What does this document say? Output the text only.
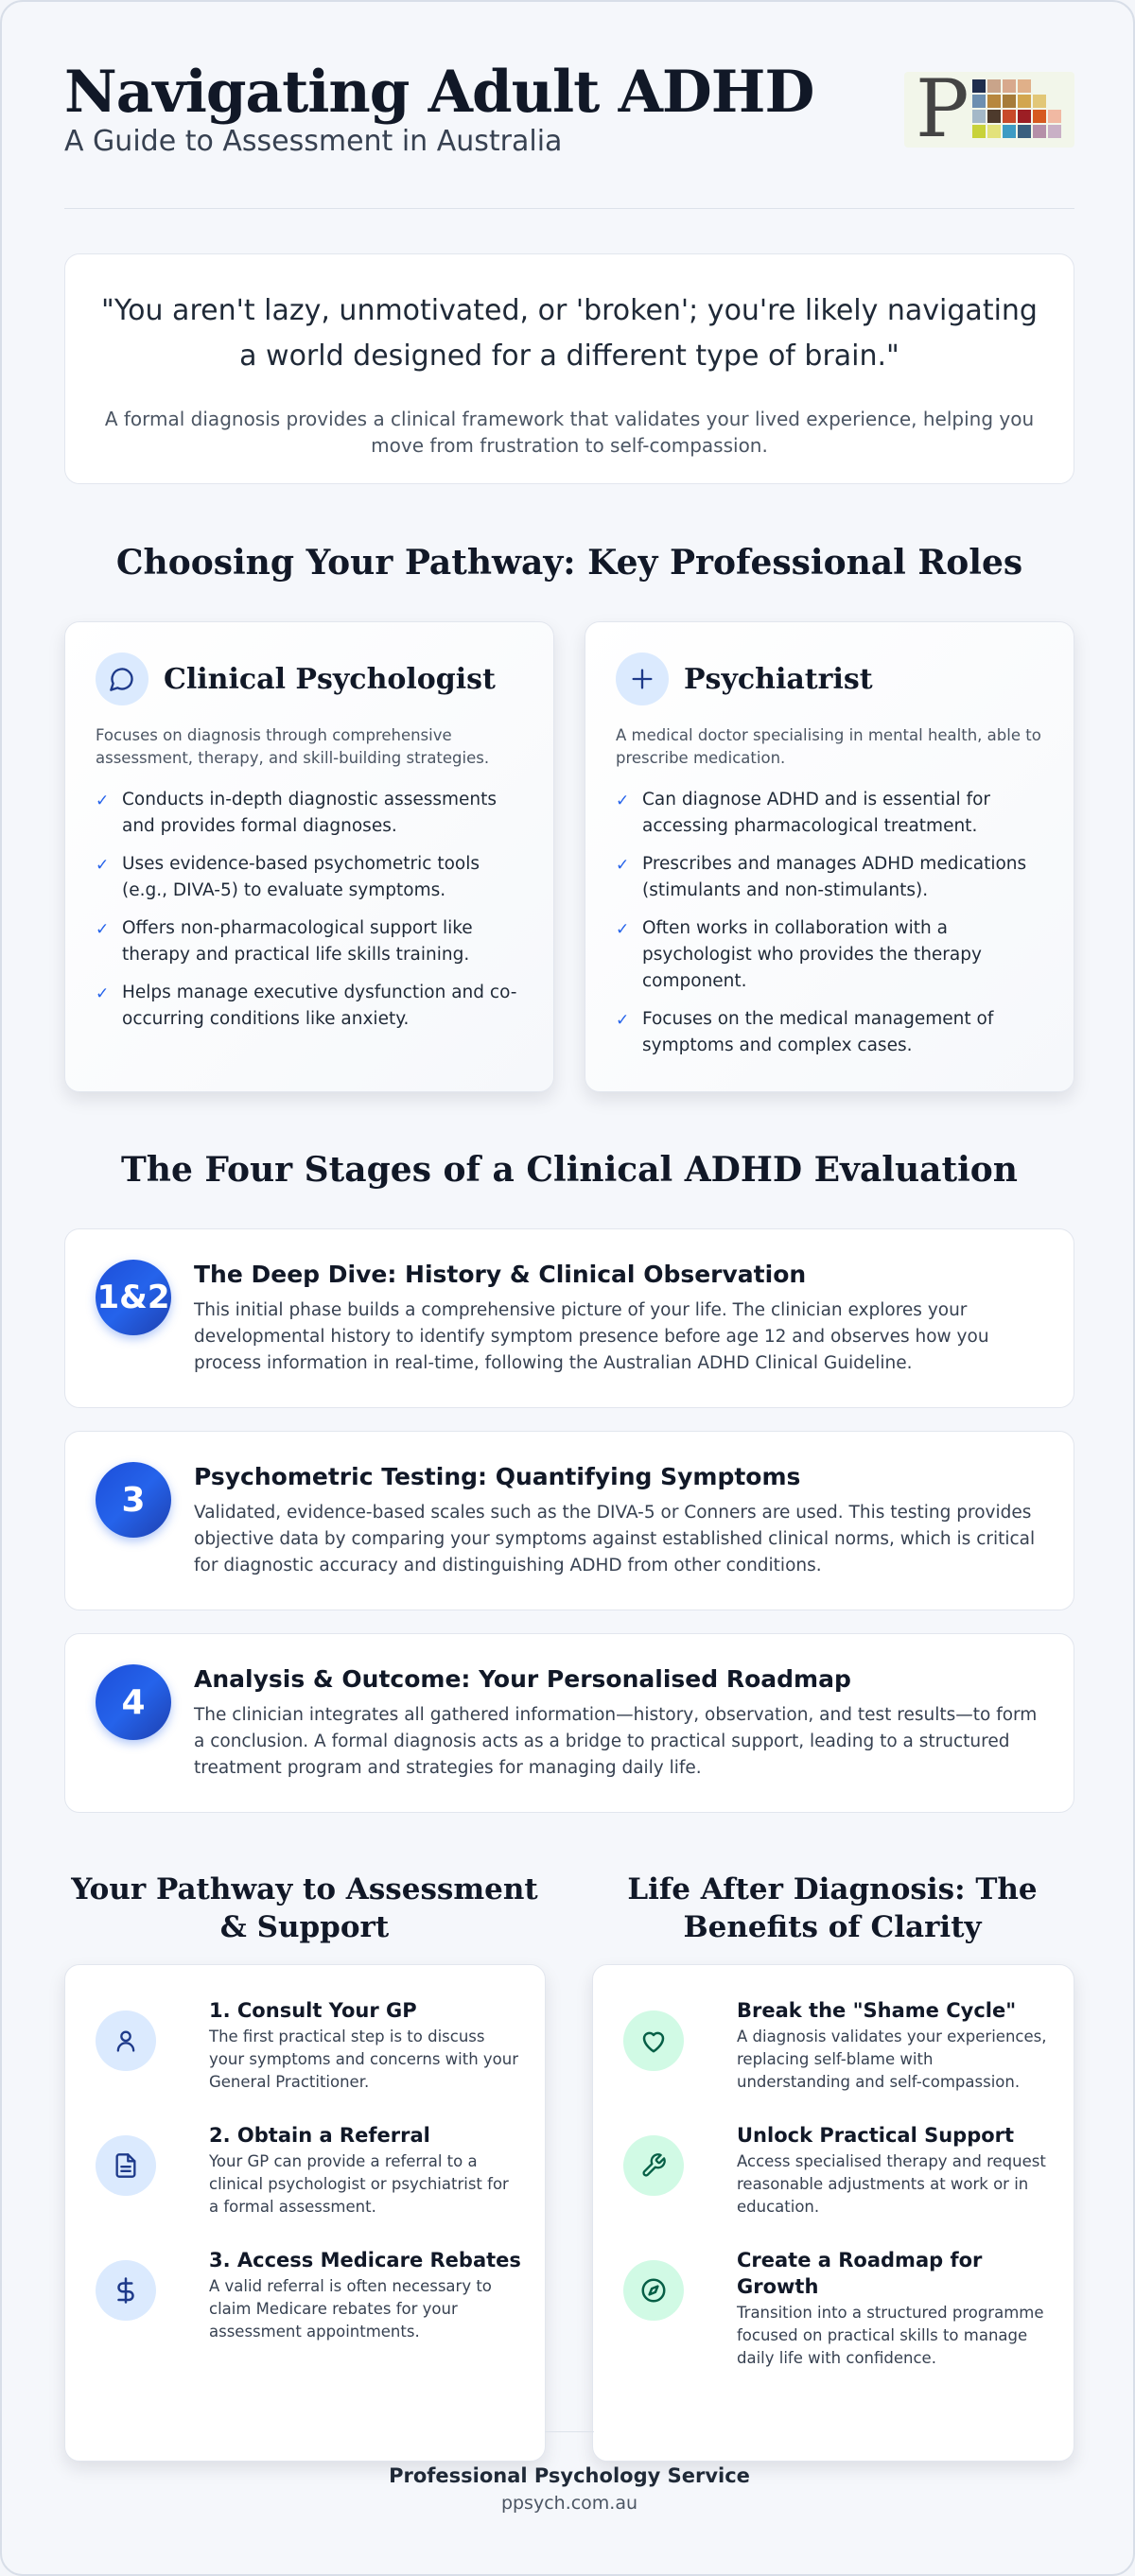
Navigating Adult ADHD
A Guide to Assessment in Australia	P
"You aren't lazy, unmotivated, or 'broken'; you're likely navigating a world designed for a different type of brain."
A formal diagnosis provides a clinical framework that validates your lived experience, helping you move from frustration to self-compassion.
Choosing Your Pathway: Key Professional Roles
Clinical Psychologist
Focuses on diagnosis through comprehensive assessment, therapy, and skill-building strategies.
✓ Conducts in-depth diagnostic assessments and provides formal diagnoses.
✓ Uses evidence-based psychometric tools (e.g., DIVA-5) to evaluate symptoms.
✓ Offers non-pharmacological support like therapy and practical life skills training.
✓ Helps manage executive dysfunction and co-occurring conditions like anxiety.
Psychiatrist
A medical doctor specialising in mental health, able to prescribe medication.
✓ Can diagnose ADHD and is essential for accessing pharmacological treatment.
✓ Prescribes and manages ADHD medications (stimulants and non-stimulants).
✓ Often works in collaboration with a psychologist who provides the therapy component.
✓ Focuses on the medical management of symptoms and complex cases.
The Four Stages of a Clinical ADHD Evaluation
1&2
The Deep Dive: History & Clinical Observation
This initial phase builds a comprehensive picture of your life. The clinician explores your developmental history to identify symptom presence before age 12 and observes how you process information in real-time, following the Australian ADHD Clinical Guideline.
3
Psychometric Testing: Quantifying Symptoms
Validated, evidence-based scales such as the DIVA-5 or Conners are used. This testing provides objective data by comparing your symptoms against established clinical norms, which is critical for diagnostic accuracy and distinguishing ADHD from other conditions.
4
Analysis & Outcome: Your Personalised Roadmap
The clinician integrates all gathered information—history, observation, and test results—to form a conclusion. A formal diagnosis acts as a bridge to practical support, leading to a structured treatment program and strategies for managing daily life.
Your Pathway to Assessment & Support
Life After Diagnosis: The Benefits of Clarity
1. Consult Your GP
The first practical step is to discuss your symptoms and concerns with your General Practitioner.
2. Obtain a Referral
Your GP can provide a referral to a clinical psychologist or psychiatrist for a formal assessment.
3. Access Medicare Rebates
A valid referral is often necessary to claim Medicare rebates for your assessment appointments.
Break the "Shame Cycle"
A diagnosis validates your experiences, replacing self-blame with understanding and self-compassion.
Unlock Practical Support
Access specialised therapy and request reasonable adjustments at work or in education.
Create a Roadmap for Growth
Transition into a structured programme focused on practical skills to manage daily life with confidence.
Professional Psychology Service
ppsych.com.au
